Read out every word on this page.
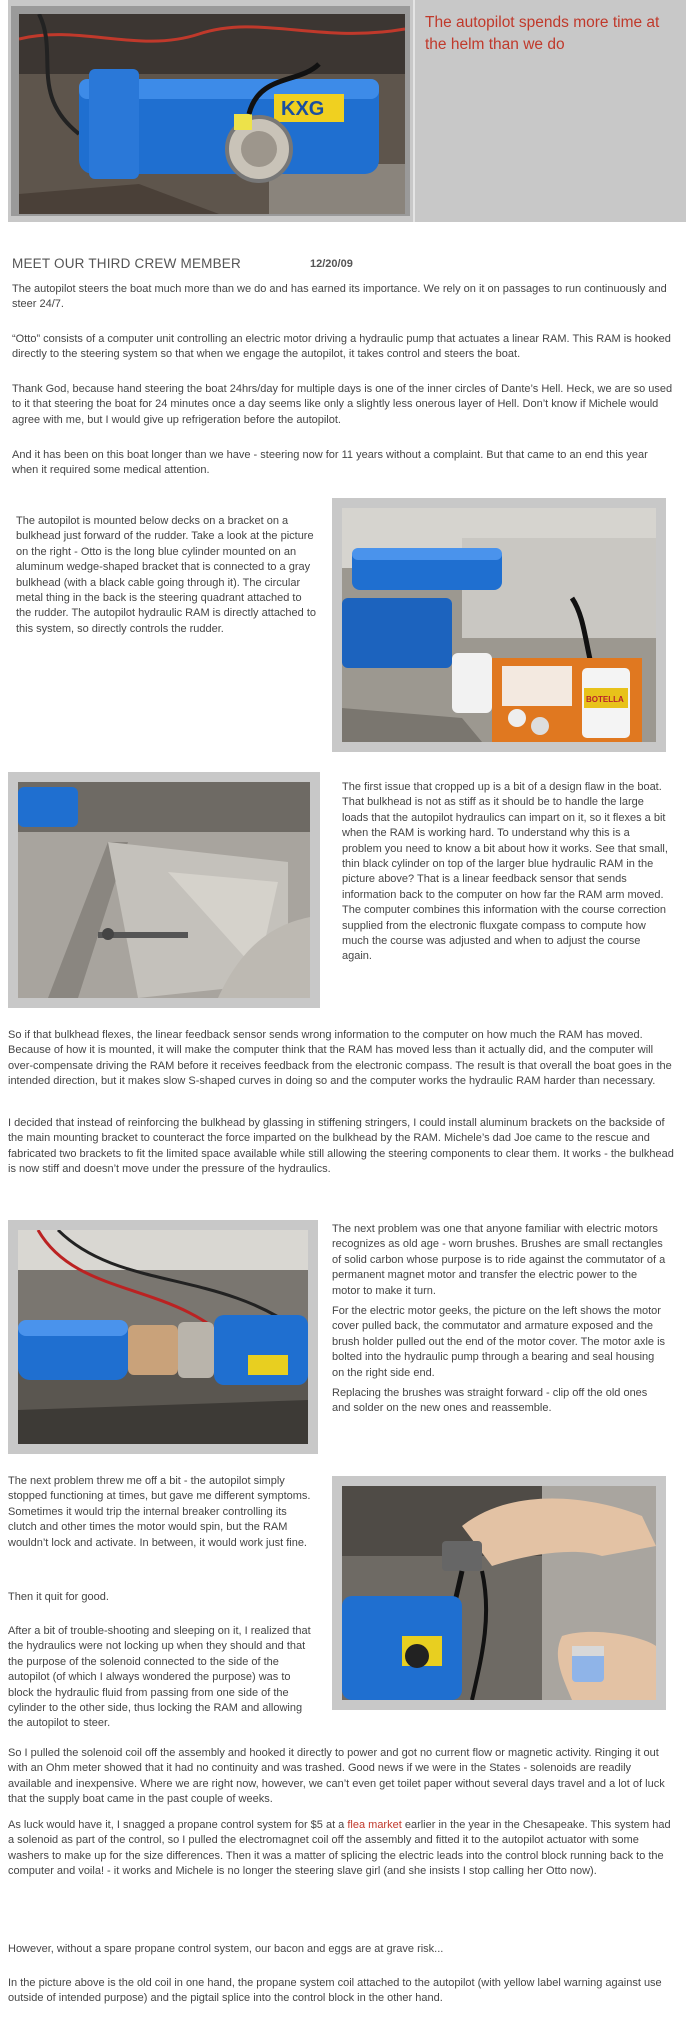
KXG
The autopilot spends more time at the helm than we do
MEET OUR THIRD CREW MEMBER	12/20/09

The autopilot steers the boat much more than we do and has earned its importance. We rely on it on passages to run continuously and steer 24/7.

“Otto” consists of a computer unit controlling an electric motor driving a hydraulic pump that actuates a linear RAM. This RAM is hooked directly to the steering system so that when we engage the autopilot, it takes control and steers the boat.

Thank God, because hand steering the boat 24hrs/day for multiple days is one of the inner circles of Dante’s Hell. Heck, we are so used to it that steering the boat for 24 minutes once a day seems like only a slightly less onerous layer of Hell. Don’t know if Michele would agree with me, but I would give up refrigeration before the autopilot.

And it has been on this boat longer than we have - steering now for 11 years without a complaint. But that came to an end this year when it required some medical attention.

The autopilot is mounted below decks on a bracket on a bulkhead just forward of the rudder. Take a look at the picture on the right - Otto is the long blue cylinder mounted on an aluminum wedge-shaped bracket that is connected to a gray bulkhead (with a black cable going through it). The circular metal thing in the back is the steering quadrant attached to the rudder. The autopilot hydraulic RAM is directly attached to this system, so directly controls the rudder.

BOTELLA

The first issue that cropped up is a bit of a design flaw in the boat. That bulkhead is not as stiff as it should be to handle the large loads that the autopilot hydraulics can impart on it, so it flexes a bit when the RAM is working hard. To understand why this is a problem you need to know a bit about how it works. See that small, thin black cylinder on top of the larger blue hydraulic RAM in the picture above? That is a linear feedback sensor that sends information back to the computer on how far the RAM arm moved. The computer combines this information with the course correction supplied from the electronic fluxgate compass to compute how much the course was adjusted and when to adjust the course again.

So if that bulkhead flexes, the linear feedback sensor sends wrong information to the computer on how much the RAM has moved. Because of how it is mounted, it will make the computer think that the RAM has moved less than it actually did, and the computer will over-compensate driving the RAM before it receives feedback from the electronic compass. The result is that overall the boat goes in the intended direction, but it makes slow S-shaped curves in doing so and the computer works the hydraulic RAM harder than necessary.

I decided that instead of reinforcing the bulkhead by glassing in stiffening stringers, I could install aluminum brackets on the backside of the main mounting bracket to counteract the force imparted on the bulkhead by the RAM. Michele’s dad Joe came to the rescue and fabricated two brackets to fit the limited space available while still allowing the steering components to clear them. It works - the bulkhead is now stiff and doesn’t move under the pressure of the hydraulics.

The next problem was one that anyone familiar with electric motors recognizes as old age - worn brushes. Brushes are small rectangles of solid carbon whose purpose is to ride against the commutator of a permanent magnet motor and transfer the electric power to the motor to make it turn.

For the electric motor geeks, the picture on the left shows the motor cover pulled back, the commutator and armature exposed and the brush holder pulled out the end of the motor cover. The motor axle is bolted into the hydraulic pump through a bearing and seal housing on the right side end.

Replacing the brushes was straight forward - clip off the old ones and solder on the new ones and reassemble.

The next problem threw me off a bit - the autopilot simply stopped functioning at times, but gave me different symptoms. Sometimes it would trip the internal breaker controlling its clutch and other times the motor would spin, but the RAM wouldn’t lock and activate. In between, it would work just fine.

Then it quit for good.

After a bit of trouble-shooting and sleeping on it, I realized that the hydraulics were not locking up when they should and that the purpose of the solenoid connected to the side of the autopilot (of which I always wondered the purpose) was to block the hydraulic fluid from passing from one side of the cylinder to the other side, thus locking the RAM and allowing the autopilot to steer.

So I pulled the solenoid coil off the assembly and hooked it directly to power and got no current flow or magnetic activity. Ringing it out with an Ohm meter showed that it had no continuity and was trashed. Good news if we were in the States - solenoids are readily available and inexpensive. Where we are right now, however, we can’t even get toilet paper without several days travel and a lot of luck that the supply boat came in the past couple of weeks.

As luck would have it, I snagged a propane control system for $5 at a flea market earlier in the year in the Chesapeake. This system had a solenoid as part of the control, so I pulled the electromagnet coil off the assembly and fitted it to the autopilot actuator with some washers to make up for the size differences. Then it was a matter of splicing the electric leads into the control block running back to the computer and voila! - it works and Michele is no longer the steering slave girl (and she insists I stop calling her Otto now).

However, without a spare propane control system, our bacon and eggs are at grave risk...

In the picture above is the old coil in one hand, the propane system coil attached to the autopilot (with yellow label warning against use outside of intended purpose) and the pigtail splice into the control block in the other hand.
